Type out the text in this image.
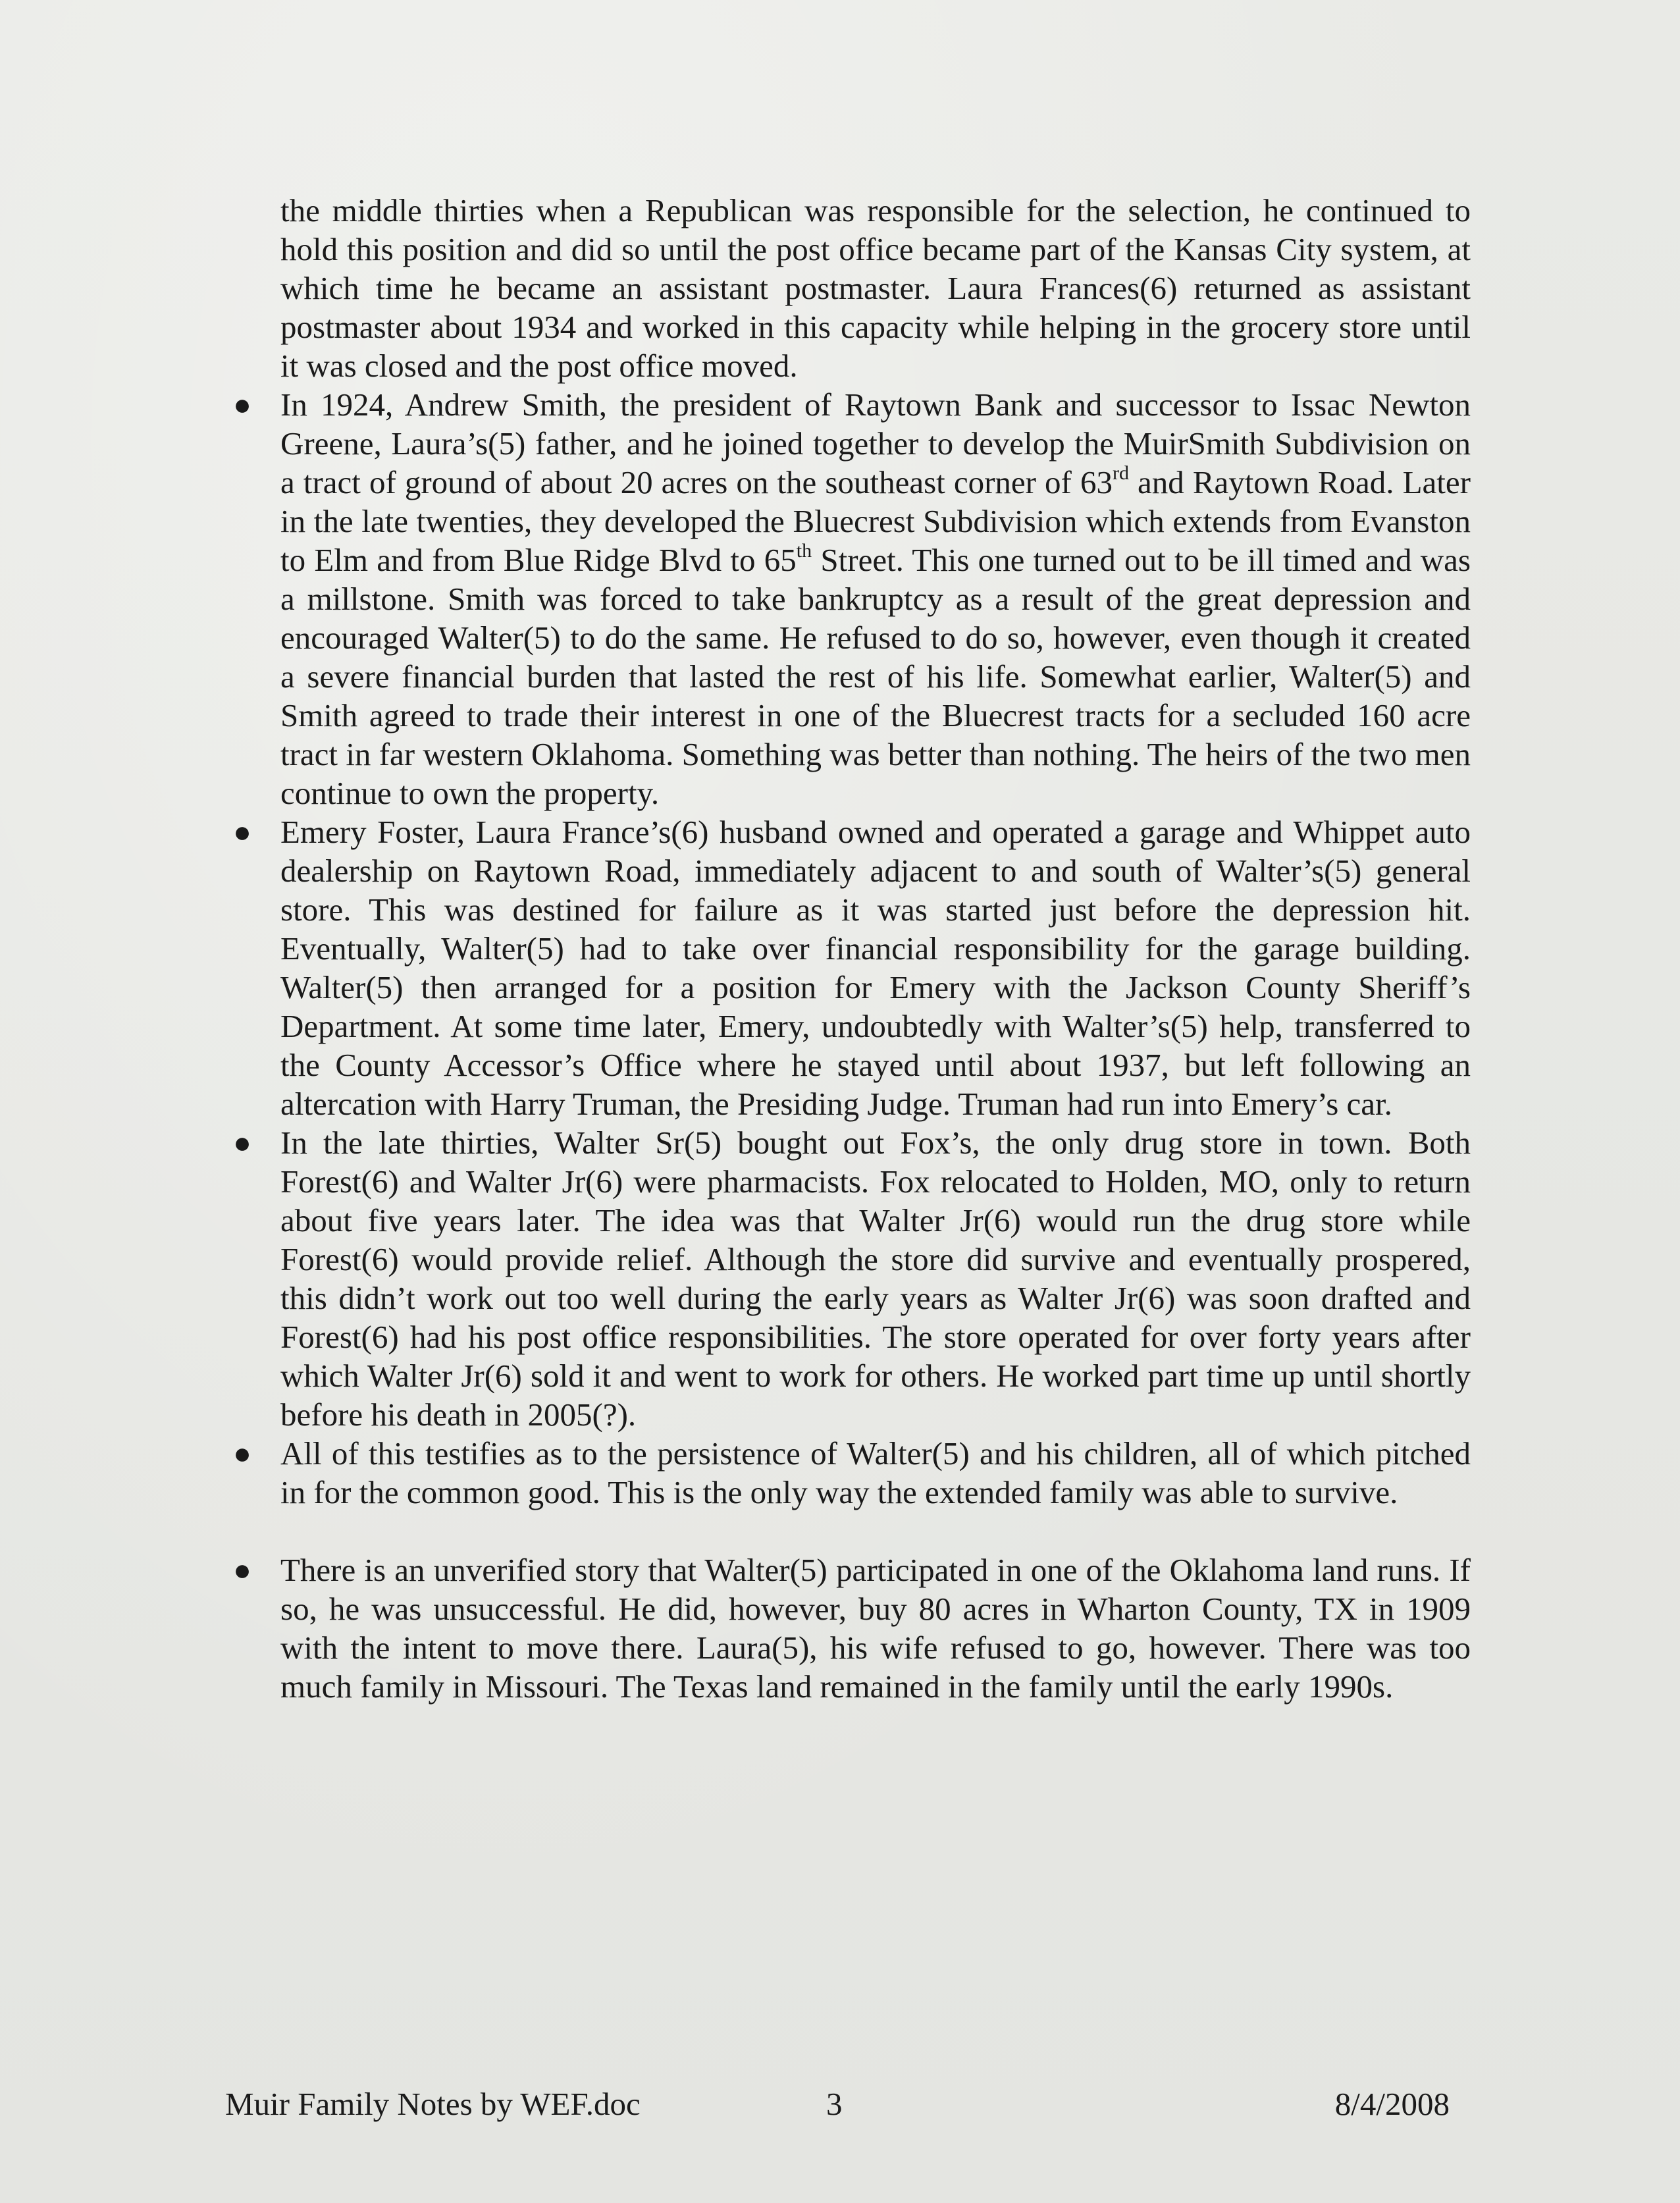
the middle thirties when a Republican was responsible for the selection, he continued to hold this position and did so until the post office became part of the Kansas City system, at which time he became an assistant postmaster. Laura Frances(6) returned as assistant postmaster about 1934 and worked in this capacity while helping in the grocery store until it was closed and the post office moved.

● In 1924, Andrew Smith, the president of Raytown Bank and successor to Issac Newton Greene, Laura’s(5) father, and he joined together to develop the MuirSmith Subdivision on a tract of ground of about 20 acres on the southeast corner of 63rd and Raytown Road. Later in the late twenties, they developed the Bluecrest Subdivision which extends from Evanston to Elm and from Blue Ridge Blvd to 65th Street. This one turned out to be ill timed and was a millstone. Smith was forced to take bankruptcy as a result of the great depression and encouraged Walter(5) to do the same. He refused to do so, however, even though it created a severe financial burden that lasted the rest of his life. Somewhat earlier, Walter(5) and Smith agreed to trade their interest in one of the Bluecrest tracts for a secluded 160 acre tract in far western Oklahoma. Something was better than nothing. The heirs of the two men continue to own the property.
● Emery Foster, Laura France’s(6) husband owned and operated a garage and Whippet auto dealership on Raytown Road, immediately adjacent to and south of Walter’s(5) general store. This was destined for failure as it was started just before the depression hit. Eventually, Walter(5) had to take over financial responsibility for the garage building. Walter(5) then arranged for a position for Emery with the Jackson County Sheriff’s Department. At some time later, Emery, undoubtedly with Walter’s(5) help, transferred to the County Accessor’s Office where he stayed until about 1937, but left following an altercation with Harry Truman, the Presiding Judge. Truman had run into Emery’s car.
● In the late thirties, Walter Sr(5) bought out Fox’s, the only drug store in town. Both Forest(6) and Walter Jr(6) were pharmacists. Fox relocated to Holden, MO, only to return about five years later. The idea was that Walter Jr(6) would run the drug store while Forest(6) would provide relief. Although the store did survive and eventually prospered, this didn’t work out too well during the early years as Walter Jr(6) was soon drafted and Forest(6) had his post office responsibilities. The store operated for over forty years after which Walter Jr(6) sold it and went to work for others. He worked part time up until shortly before his death in 2005(?).
● All of this testifies as to the persistence of Walter(5) and his children, all of which pitched in for the common good. This is the only way the extended family was able to survive.
● There is an unverified story that Walter(5) participated in one of the Oklahoma land runs. If so, he was unsuccessful. He did, however, buy 80 acres in Wharton County, TX in 1909 with the intent to move there. Laura(5), his wife refused to go, however. There was too much family in Missouri. The Texas land remained in the family until the early 1990s.
Muir Family Notes by WEF.doc	3	8/4/2008
